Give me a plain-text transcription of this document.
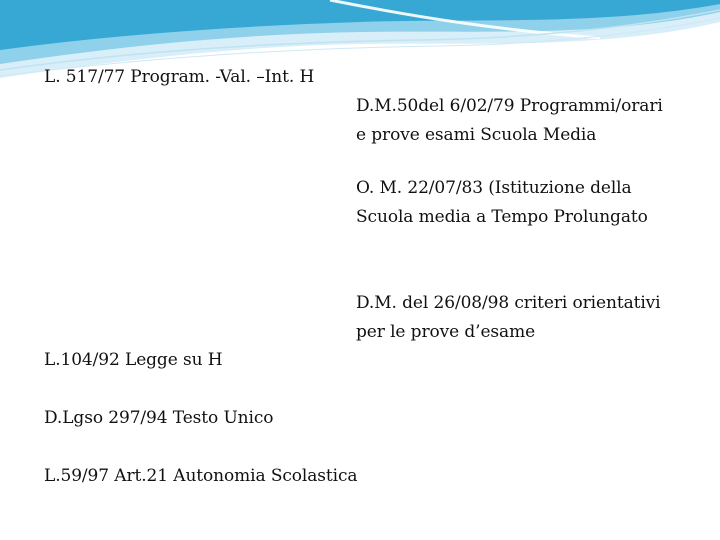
L. 517/77 Program. -Val. –Int. H
D.M.50del 6/02/79 Programmi/orari
e prove esami Scuola Media
O. M. 22/07/83 (Istituzione della
Scuola media a Tempo Prolungato
D.M. del 26/08/98 criteri orientativi
per le prove d’esame
L.104/92 Legge su H
D.Lgso 297/94 Testo Unico
L.59/97 Art.21 Autonomia Scolastica
